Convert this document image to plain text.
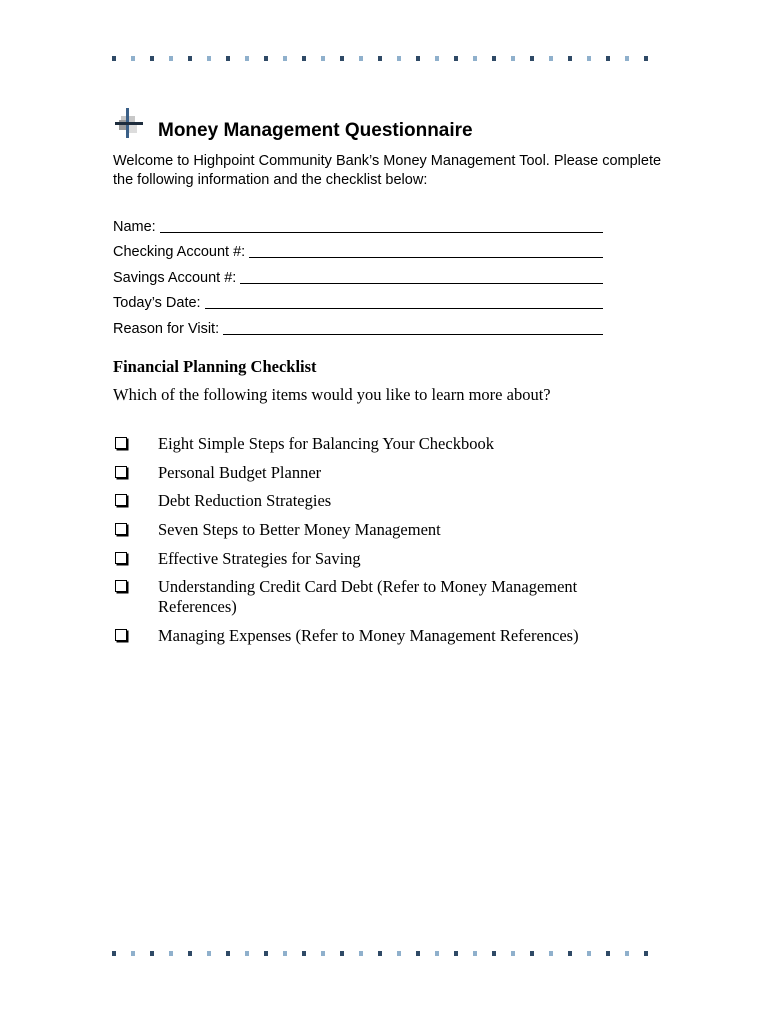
Money Management Questionnaire
Welcome to Highpoint Community Bank’s Money Management Tool. Please complete the following information and the checklist below:
Name:
Checking Account #:
Savings Account #:
Today’s Date:
Reason for Visit:
Financial Planning Checklist
Which of the following items would you like to learn more about?
Eight Simple Steps for Balancing Your Checkbook
Personal Budget Planner
Debt Reduction Strategies
Seven Steps to Better Money Management
Effective Strategies for Saving
Understanding Credit Card Debt (Refer to Money Management References)
Managing Expenses (Refer to Money Management References)
